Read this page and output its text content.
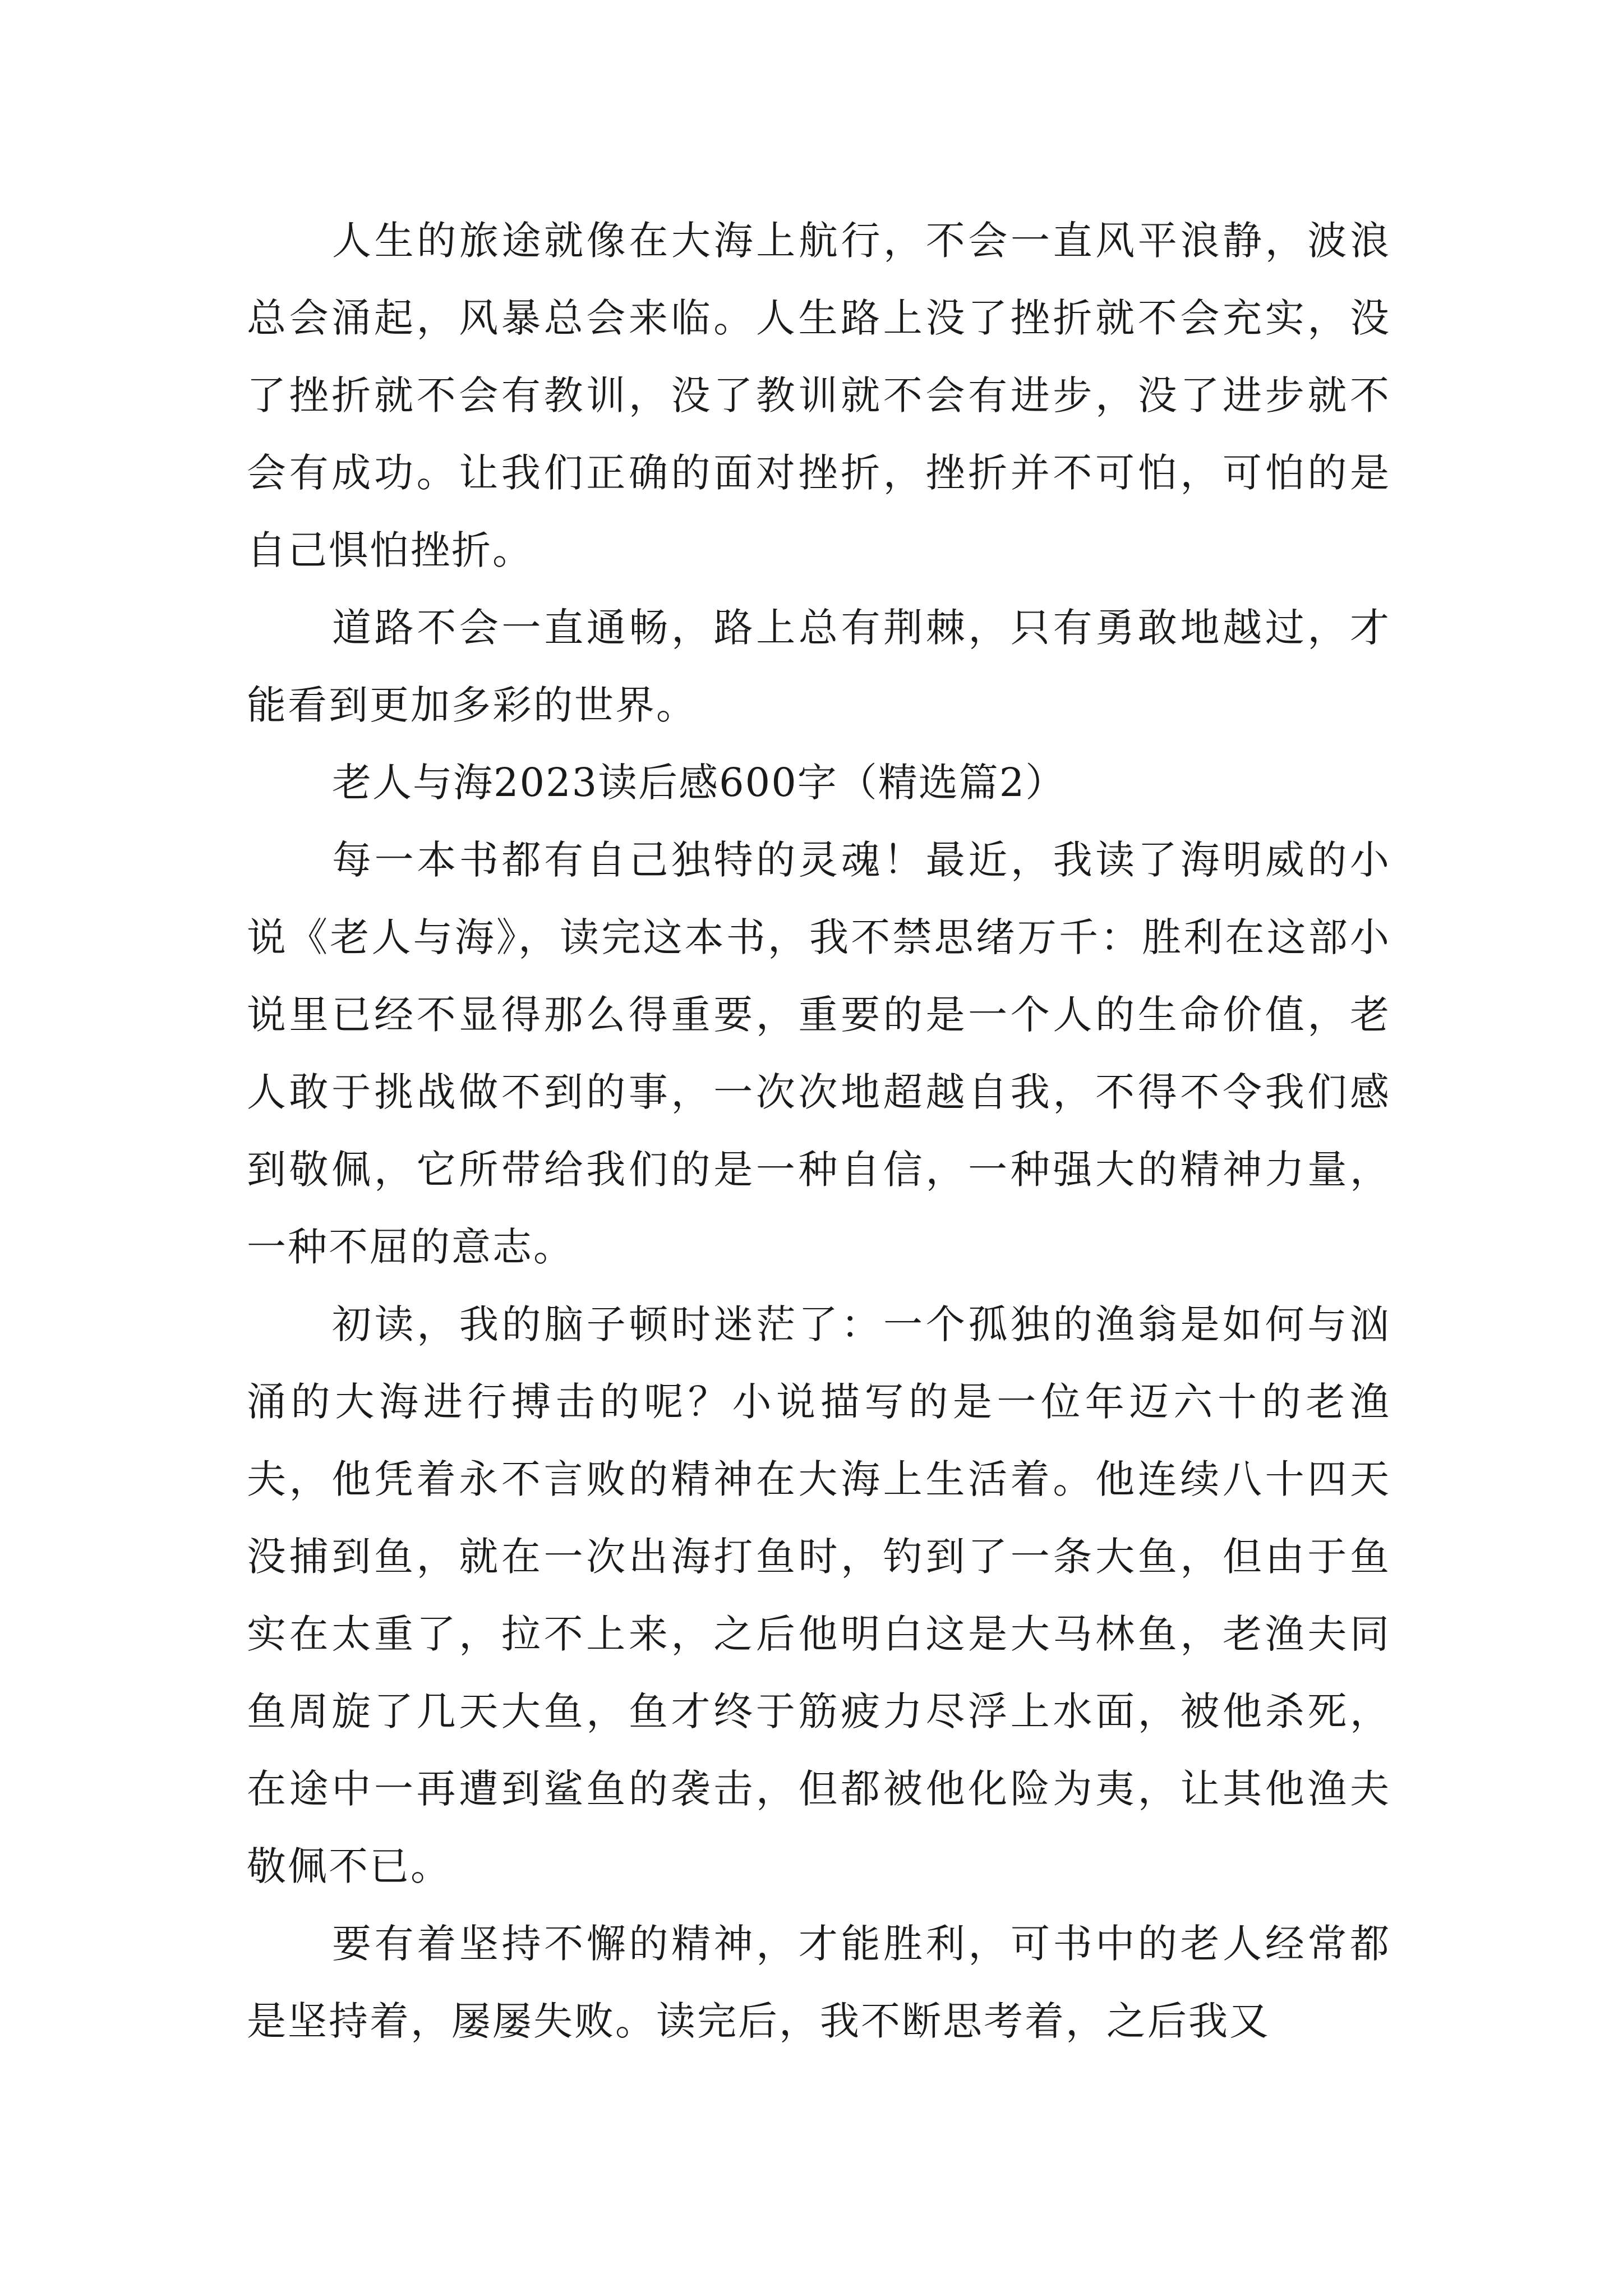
人生的旅途就像在大海上航行，不会一直风平浪静，波浪总会涌起，风暴总会来临。人生路上没了挫折就不会充实，没了挫折就不会有教训，没了教训就不会有进步，没了进步就不会有成功。让我们正确的面对挫折，挫折并不可怕，可怕的是自己惧怕挫折。

道路不会一直通畅，路上总有荆棘，只有勇敢地越过，才能看到更加多彩的世界。

老人与海2023读后感600字（精选篇2）

每一本书都有自己独特的灵魂！最近，我读了海明威的小说《老人与海》，读完这本书，我不禁思绪万千：胜利在这部小说里已经不显得那么得重要，重要的是一个人的生命价值，老人敢于挑战做不到的事，一次次地超越自我，不得不令我们感到敬佩，它所带给我们的是一种自信，一种强大的精神力量，一种不屈的意志。

初读，我的脑子顿时迷茫了：一个孤独的渔翁是如何与汹涌的大海进行搏击的呢？小说描写的是一位年迈六十的老渔夫，他凭着永不言败的精神在大海上生活着。他连续八十四天没捕到鱼，就在一次出海打鱼时，钓到了一条大鱼，但由于鱼实在太重了，拉不上来，之后他明白这是大马林鱼，老渔夫同鱼周旋了几天大鱼，鱼才终于筋疲力尽浮上水面，被他杀死，在途中一再遭到鲨鱼的袭击，但都被他化险为夷，让其他渔夫敬佩不已。

要有着坚持不懈的精神，才能胜利，可书中的老人经常都是坚持着，屡屡失败。读完后，我不断思考着，之后我又
